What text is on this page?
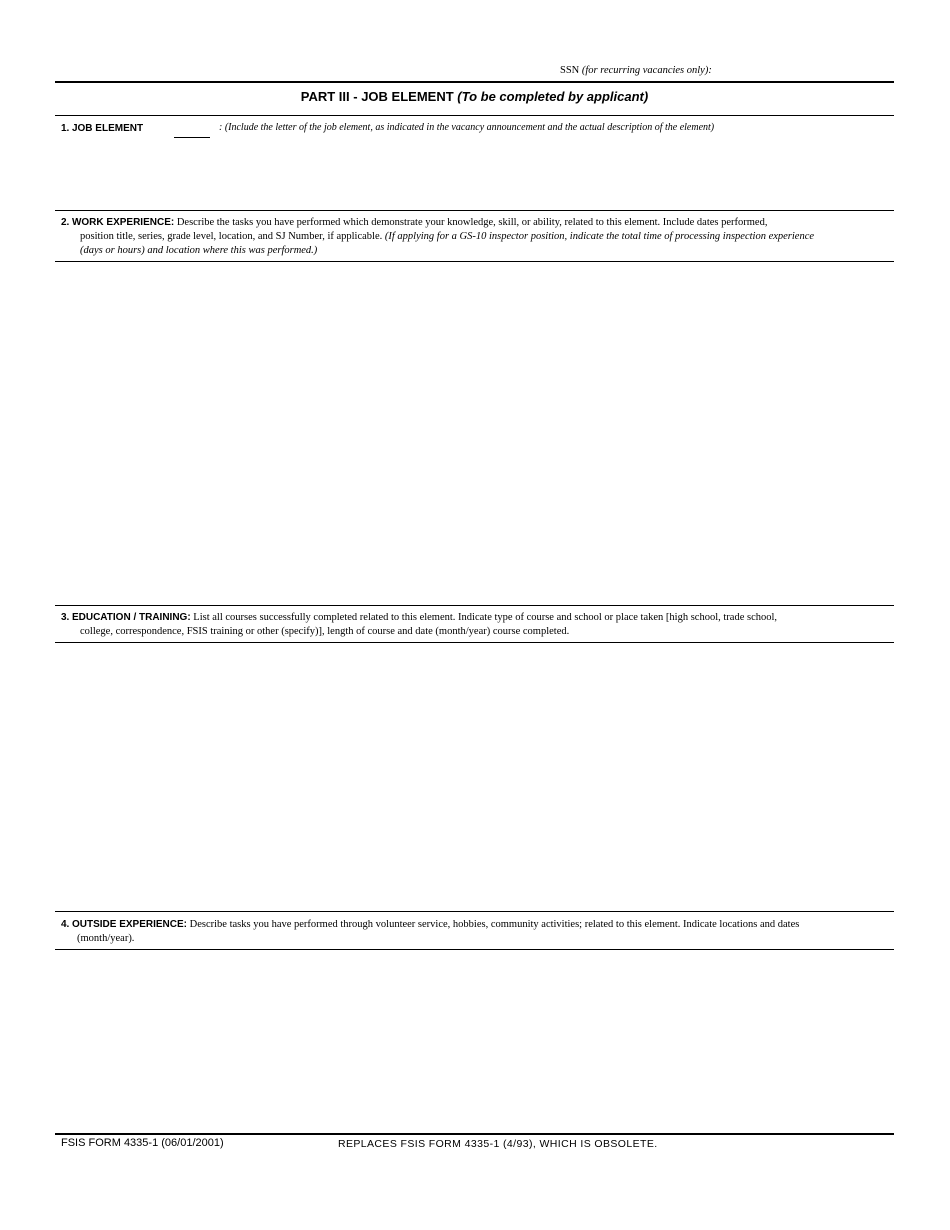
SSN (for recurring vacancies only):
PART III - JOB ELEMENT (To be completed by applicant)
1. JOB ELEMENT	: (Include the letter of the job element, as indicated in the vacancy announcement and the actual description of the element)
2. WORK EXPERIENCE: Describe the tasks you have performed which demonstrate your knowledge, skill, or ability, related to this element. Include dates performed,
position title, series, grade level, location, and SJ Number, if applicable. (If applying for a GS-10 inspector position, indicate the total time of processing inspection experience
(days or hours) and location where this was performed.)
3. EDUCATION / TRAINING: List all courses successfully completed related to this element. Indicate type of course and school or place taken [high school, trade school,
college, correspondence, FSIS training or other (specify)], length of course and date (month/year) course completed.
4. OUTSIDE EXPERIENCE: Describe tasks you have performed through volunteer service, hobbies, community activities; related to this element. Indicate locations and dates
(month/year).
FSIS FORM 4335-1 (06/01/2001)	REPLACES FSIS FORM 4335-1 (4/93), WHICH IS OBSOLETE.
